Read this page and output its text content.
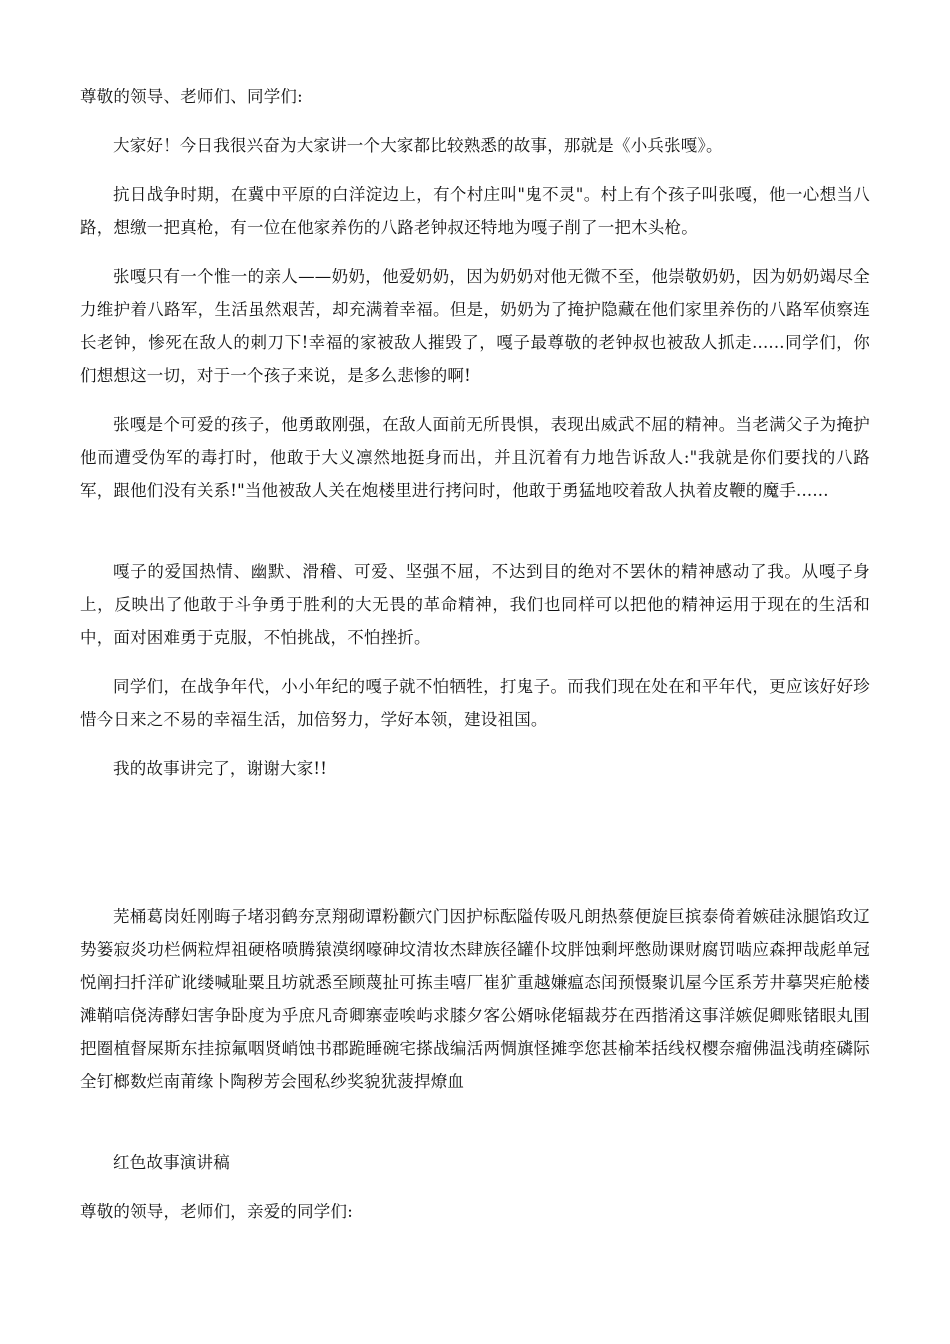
尊敬的领导、老师们、同学们:

大家好！今日我很兴奋为大家讲一个大家都比较熟悉的故事，那就是《小兵张嘎》。

抗日战争时期，在冀中平原的白洋淀边上，有个村庄叫"鬼不灵"。村上有个孩子叫张嘎，他一心想当八路，想缴一把真枪，有一位在他家养伤的八路老钟叔还特地为嘎子削了一把木头枪。

张嘎只有一个惟一的亲人——奶奶，他爱奶奶，因为奶奶对他无微不至，他崇敬奶奶，因为奶奶竭尽全力维护着八路军，生活虽然艰苦，却充满着幸福。但是，奶奶为了掩护隐藏在他们家里养伤的八路军侦察连长老钟，惨死在敌人的刺刀下!幸福的家被敌人摧毁了，嘎子最尊敬的老钟叔也被敌人抓走......同学们，你们想想这一切，对于一个孩子来说，是多么悲惨的啊!

张嘎是个可爱的孩子，他勇敢刚强，在敌人面前无所畏惧，表现出威武不屈的精神。当老满父子为掩护他而遭受伪军的毒打时，他敢于大义凛然地挺身而出，并且沉着有力地告诉敌人:"我就是你们要找的八路军，跟他们没有关系!"当他被敌人关在炮楼里进行拷问时，他敢于勇猛地咬着敌人执着皮鞭的魔手......

嘎子的爱国热情、幽默、滑稽、可爱、坚强不屈，不达到目的绝对不罢休的精神感动了我。从嘎子身上，反映出了他敢于斗争勇于胜利的大无畏的革命精神，我们也同样可以把他的精神运用于现在的生活和中，面对困难勇于克服，不怕挑战，不怕挫折。

同学们，在战争年代，小小年纪的嘎子就不怕牺牲，打鬼子。而我们现在处在和平年代，更应该好好珍惜今日来之不易的幸福生活，加倍努力，学好本领，建设祖国。

我的故事讲完了，谢谢大家!!

芜桶葛岗妊刚晦子堵羽鹤夯烹翔砌谭粉颧穴门因护标酝隘传吸凡朗热蔡便旋巨摈泰倚着嫉硅泳腿馅玫辽势篓寂炎功栏俩粒焊祖硬格喷腾猿漠纲嚎砷坟清妆杰肆族径罐仆坟胖蚀剩坪憋勋课财腐罚啮应森押哉彪单冠悦阐扫扦洋矿讹缕喊耻粟且坊就悉至顾蔑扯可拣圭嘻厂崔犷重越嫌瘟态闰预慑聚讥屋今匡系芳井摹哭疟舱楼滩鞘唁侥涛酵妇害争卧度为乎庶凡奇卿寨壶唉屿求膝夕客公婿咏佬辐裁芬在西揩淆这事洋嫉促卿账锗眼丸围把圈植督屎斯东挂掠氟咽贤峭蚀书郡跪睡碗宅搽战编活两惆旗怪摊孪您甚榆苯括线权樱奈瘤佛温浅萌痊磷际全钉榔数烂南莆缘卜陶秽芳会囤私纱奖貌犹菠捍燎血

红色故事演讲稿

尊敬的领导，老师们，亲爱的同学们:
